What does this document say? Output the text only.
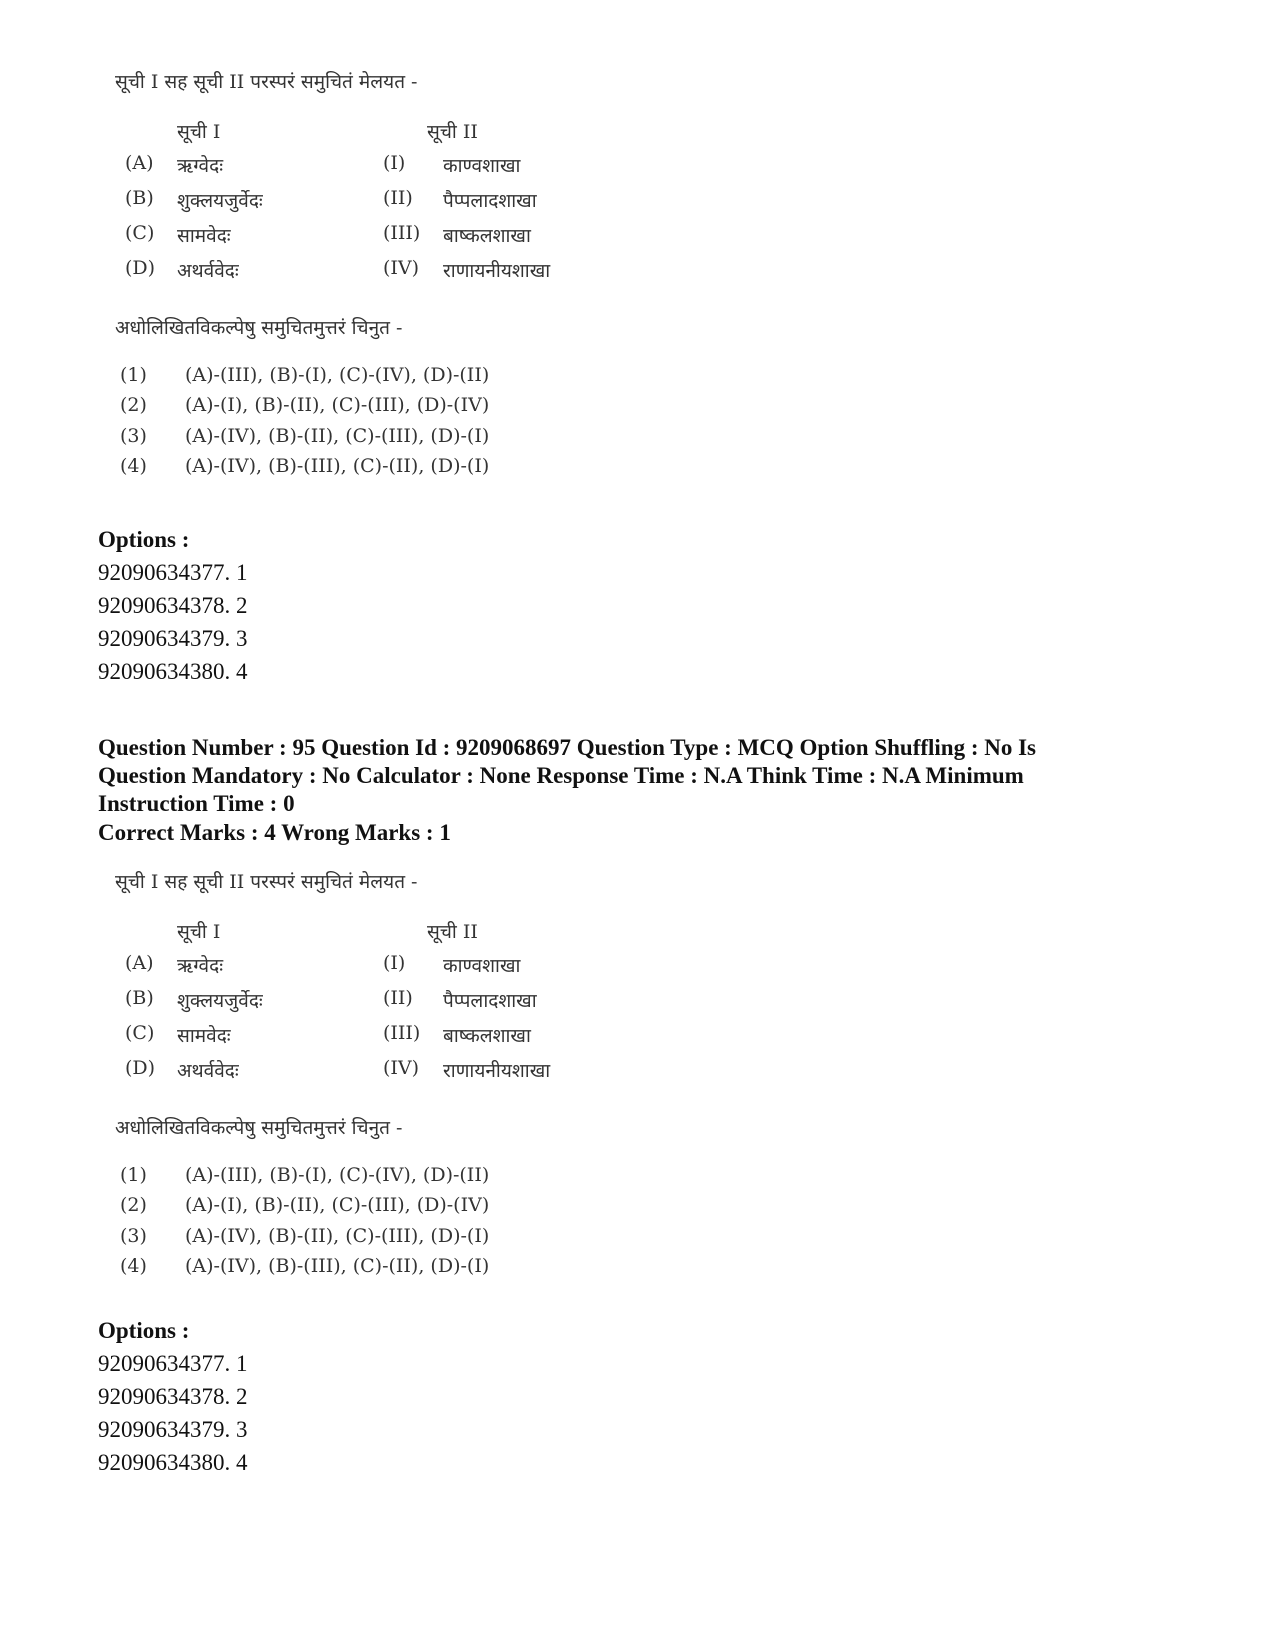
सूची I सह सूची II परस्परं समुचितं मेलयत -
सूची I	सूची II
(A) ऋग्वेदः	(I) काण्वशाखा
(B) शुक्लयजुर्वेदः	(II) पैप्पलादशाखा
(C) सामवेदः	(III) बाष्कलशाखा
(D) अथर्ववेदः	(IV) राणायनीयशाखा
अधोलिखितविकल्पेषु समुचितमुत्तरं चिनुत -
(1) (A)-(III), (B)-(I), (C)-(IV), (D)-(II)
(2) (A)-(I), (B)-(II), (C)-(III), (D)-(IV)
(3) (A)-(IV), (B)-(II), (C)-(III), (D)-(I)
(4) (A)-(IV), (B)-(III), (C)-(II), (D)-(I)
Options :
92090634377. 1
92090634378. 2
92090634379. 3
92090634380. 4
Question Number : 95 Question Id : 9209068697 Question Type : MCQ Option Shuffling : No Is
Question Mandatory : No Calculator : None Response Time : N.A Think Time : N.A Minimum
Instruction Time : 0
Correct Marks : 4 Wrong Marks : 1
सूची I सह सूची II परस्परं समुचितं मेलयत -
सूची I	सूची II
(A) ऋग्वेदः	(I) काण्वशाखा
(B) शुक्लयजुर्वेदः	(II) पैप्पलादशाखा
(C) सामवेदः	(III) बाष्कलशाखा
(D) अथर्ववेदः	(IV) राणायनीयशाखा
अधोलिखितविकल्पेषु समुचितमुत्तरं चिनुत -
(1) (A)-(III), (B)-(I), (C)-(IV), (D)-(II)
(2) (A)-(I), (B)-(II), (C)-(III), (D)-(IV)
(3) (A)-(IV), (B)-(II), (C)-(III), (D)-(I)
(4) (A)-(IV), (B)-(III), (C)-(II), (D)-(I)
Options :
92090634377. 1
92090634378. 2
92090634379. 3
92090634380. 4
